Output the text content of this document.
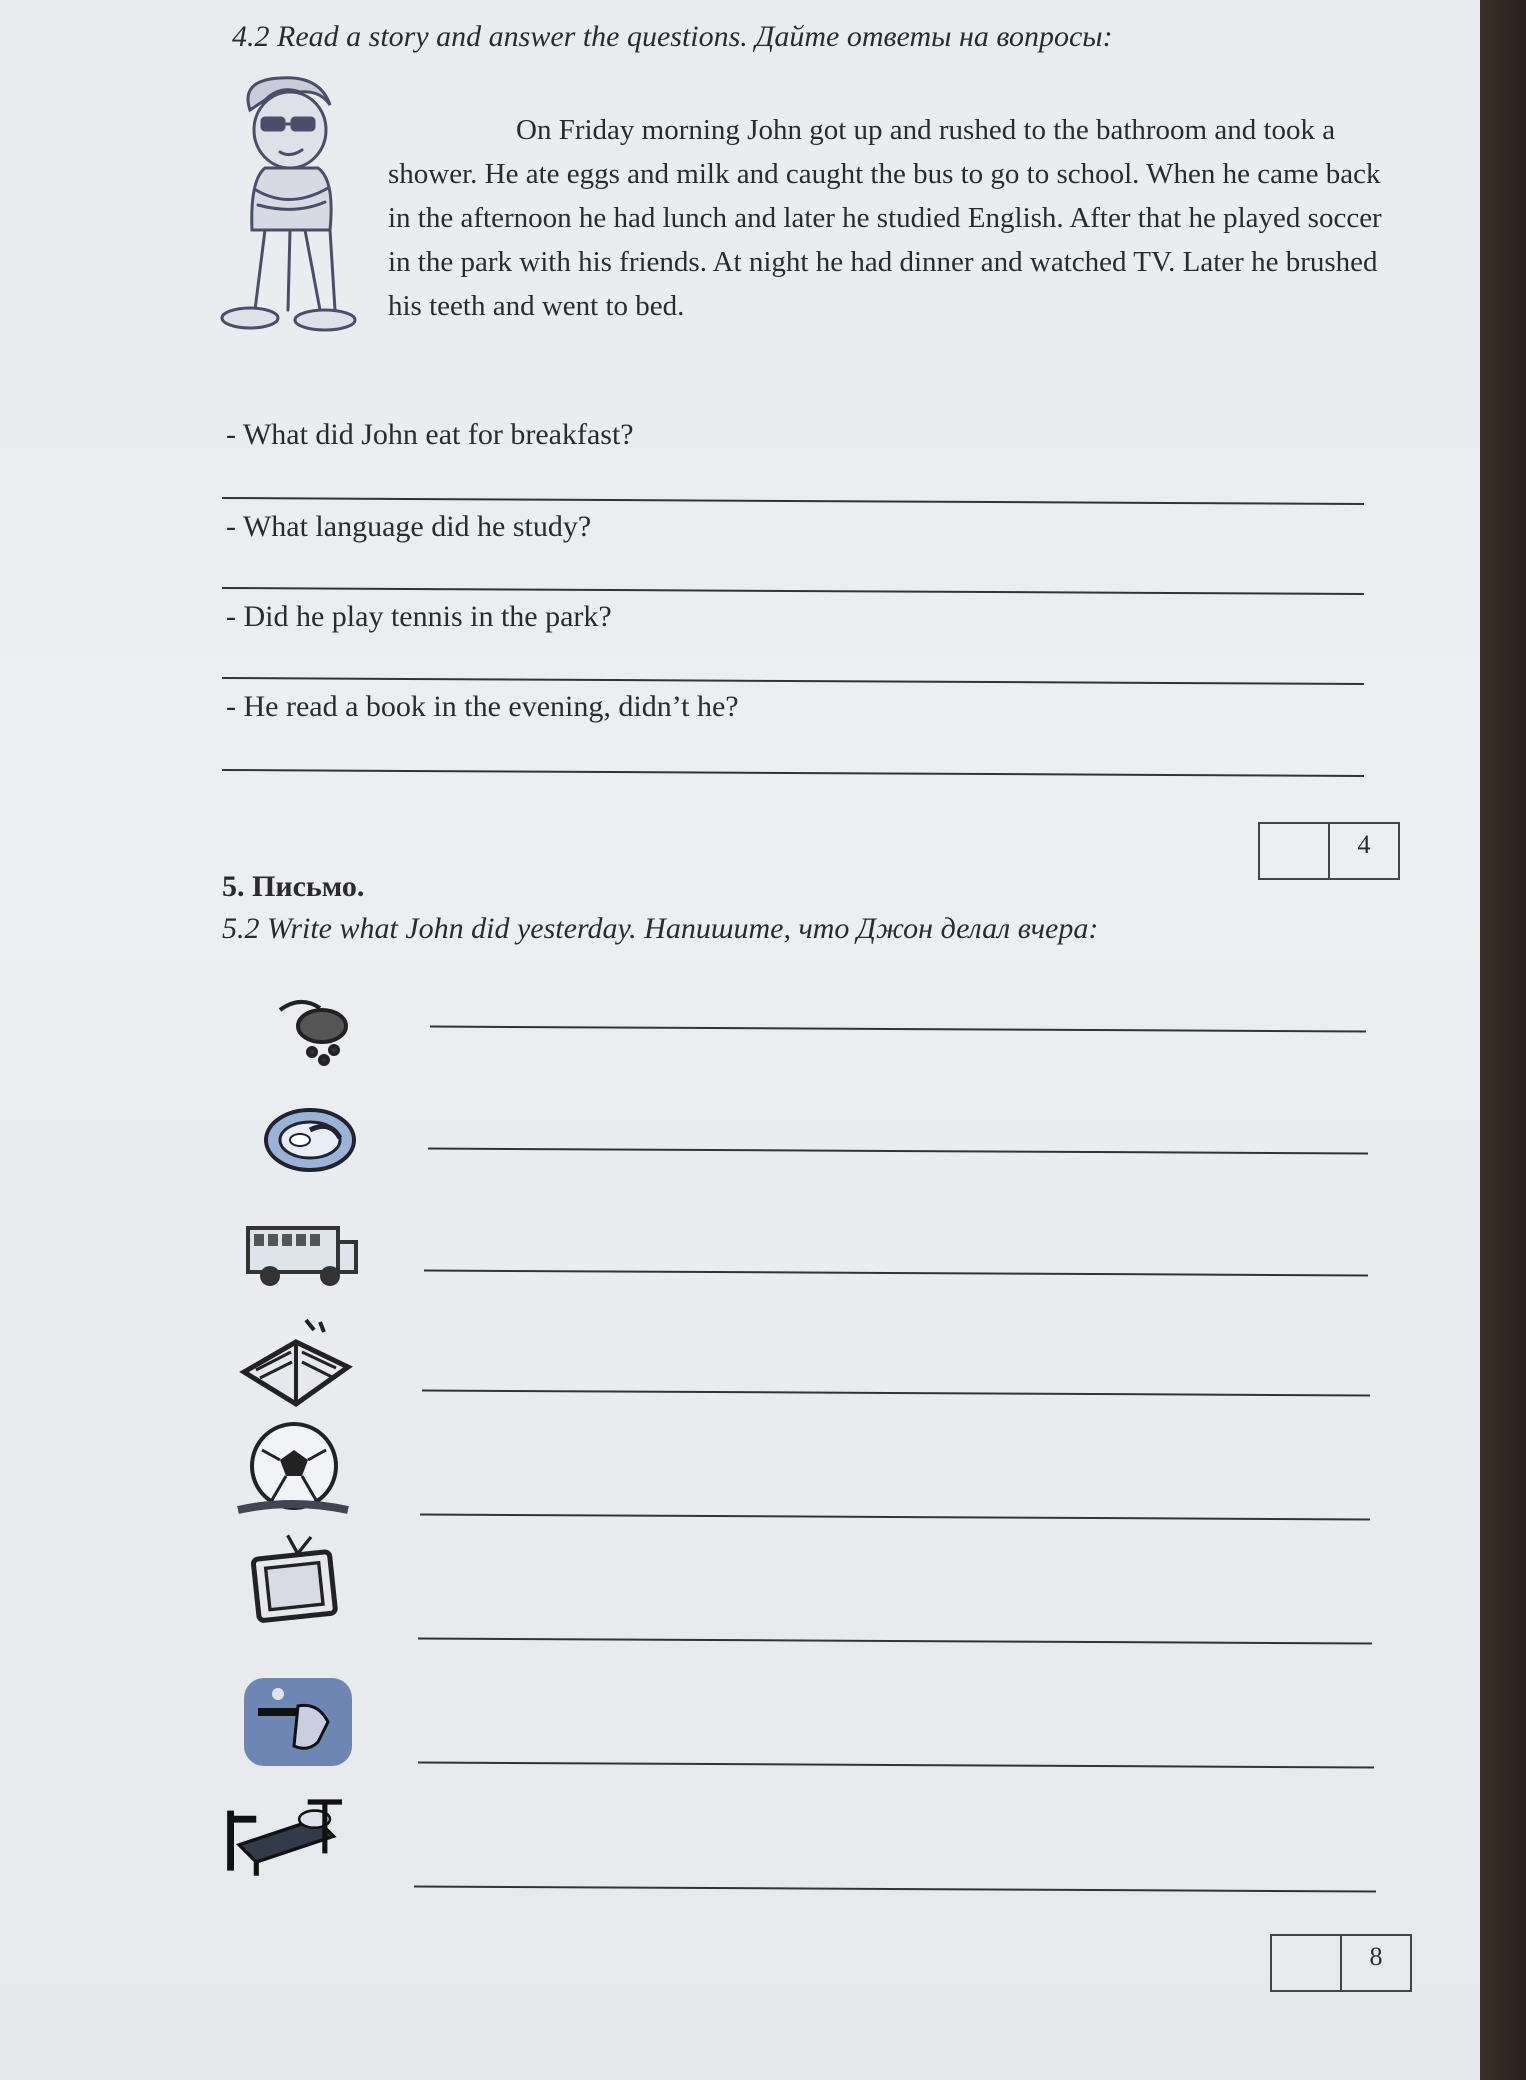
4.2 Read a story and answer the questions. Дайте ответы на вопросы:

On Friday morning John got up and rushed to the bathroom and took a shower. He ate eggs and milk and caught the bus to go to school. When he came back in the afternoon he had lunch and later he studied English. After that he played soccer in the park with his friends. At night he had dinner and watched TV. Later he brushed his teeth and went to bed.

- What did John eat for breakfast?
- What language did he study?
- Did he play tennis in the park?
- He read a book in the evening, didn’t he?
4
5. Письмо.
5.2 Write what John did yesterday. Напишите, что Джон делал вчера:
8
